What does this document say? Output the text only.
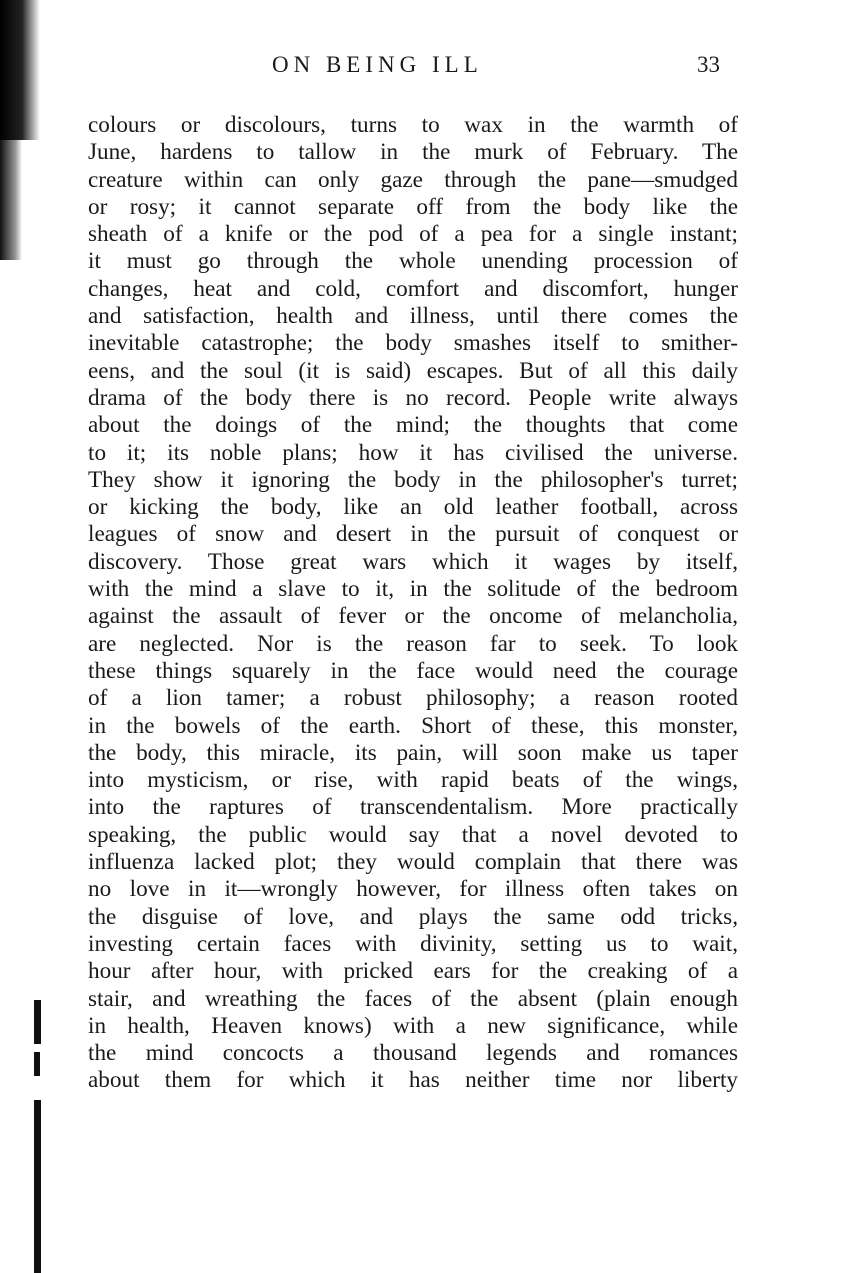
ON BEING ILL	33
colours or discolours, turns to wax in the warmth of
June, hardens to tallow in the murk of February. The
creature within can only gaze through the pane—smudged
or rosy; it cannot separate off from the body like the
sheath of a knife or the pod of a pea for a single instant;
it must go through the whole unending procession of
changes, heat and cold, comfort and discomfort, hunger
and satisfaction, health and illness, until there comes the
inevitable catastrophe; the body smashes itself to smither-
eens, and the soul (it is said) escapes. But of all this daily
drama of the body there is no record. People write always
about the doings of the mind; the thoughts that come
to it; its noble plans; how it has civilised the universe.
They show it ignoring the body in the philosopher's turret;
or kicking the body, like an old leather football, across
leagues of snow and desert in the pursuit of conquest or
discovery. Those great wars which it wages by itself,
with the mind a slave to it, in the solitude of the bedroom
against the assault of fever or the oncome of melancholia,
are neglected. Nor is the reason far to seek. To look
these things squarely in the face would need the courage
of a lion tamer; a robust philosophy; a reason rooted
in the bowels of the earth. Short of these, this monster,
the body, this miracle, its pain, will soon make us taper
into mysticism, or rise, with rapid beats of the wings,
into the raptures of transcendentalism. More practically
speaking, the public would say that a novel devoted to
influenza lacked plot; they would complain that there was
no love in it—wrongly however, for illness often takes on
the disguise of love, and plays the same odd tricks,
investing certain faces with divinity, setting us to wait,
hour after hour, with pricked ears for the creaking of a
stair, and wreathing the faces of the absent (plain enough
in health, Heaven knows) with a new significance, while
the mind concocts a thousand legends and romances
about them for which it has neither time nor liberty
